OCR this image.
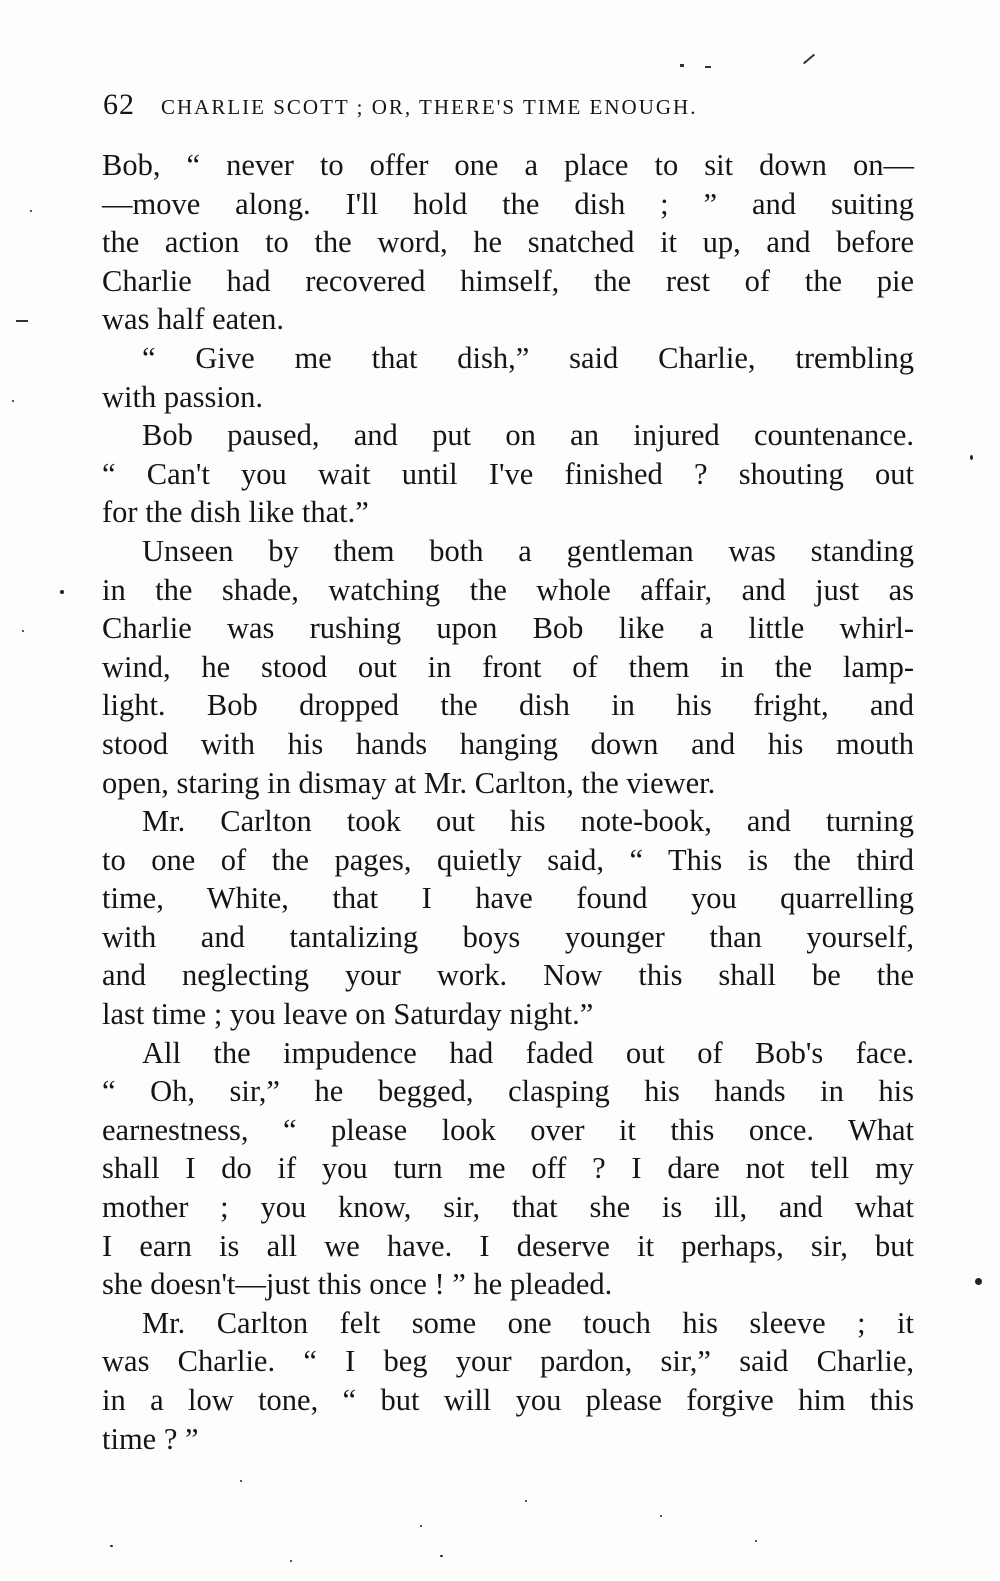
62 CHARLIE SCOTT ; OR, THERE'S TIME ENOUGH.
Bob, “ never to offer one a place to sit down on—
—move along. I'll hold the dish ; ” and suiting
the action to the word, he snatched it up, and before
Charlie had recovered himself, the rest of the pie
was half eaten.
“ Give me that dish,” said Charlie, trembling
with passion.
Bob paused, and put on an injured countenance.
“ Can't you wait until I've finished ? shouting out
for the dish like that.”
Unseen by them both a gentleman was standing
in the shade, watching the whole affair, and just as
Charlie was rushing upon Bob like a little whirl-
wind, he stood out in front of them in the lamp-
light. Bob dropped the dish in his fright, and
stood with his hands hanging down and his mouth
open, staring in dismay at Mr. Carlton, the viewer.
Mr. Carlton took out his note-book, and turning
to one of the pages, quietly said, “ This is the third
time, White, that I have found you quarrelling
with and tantalizing boys younger than yourself,
and neglecting your work. Now this shall be the
last time ; you leave on Saturday night.”
All the impudence had faded out of Bob's face.
“ Oh, sir,” he begged, clasping his hands in his
earnestness, “ please look over it this once. What
shall I do if you turn me off ? I dare not tell my
mother ; you know, sir, that she is ill, and what
I earn is all we have. I deserve it perhaps, sir, but
she doesn't—just this once ! ” he pleaded.
Mr. Carlton felt some one touch his sleeve ; it
was Charlie. “ I beg your pardon, sir,” said Charlie,
in a low tone, “ but will you please forgive him this
time ? ”
